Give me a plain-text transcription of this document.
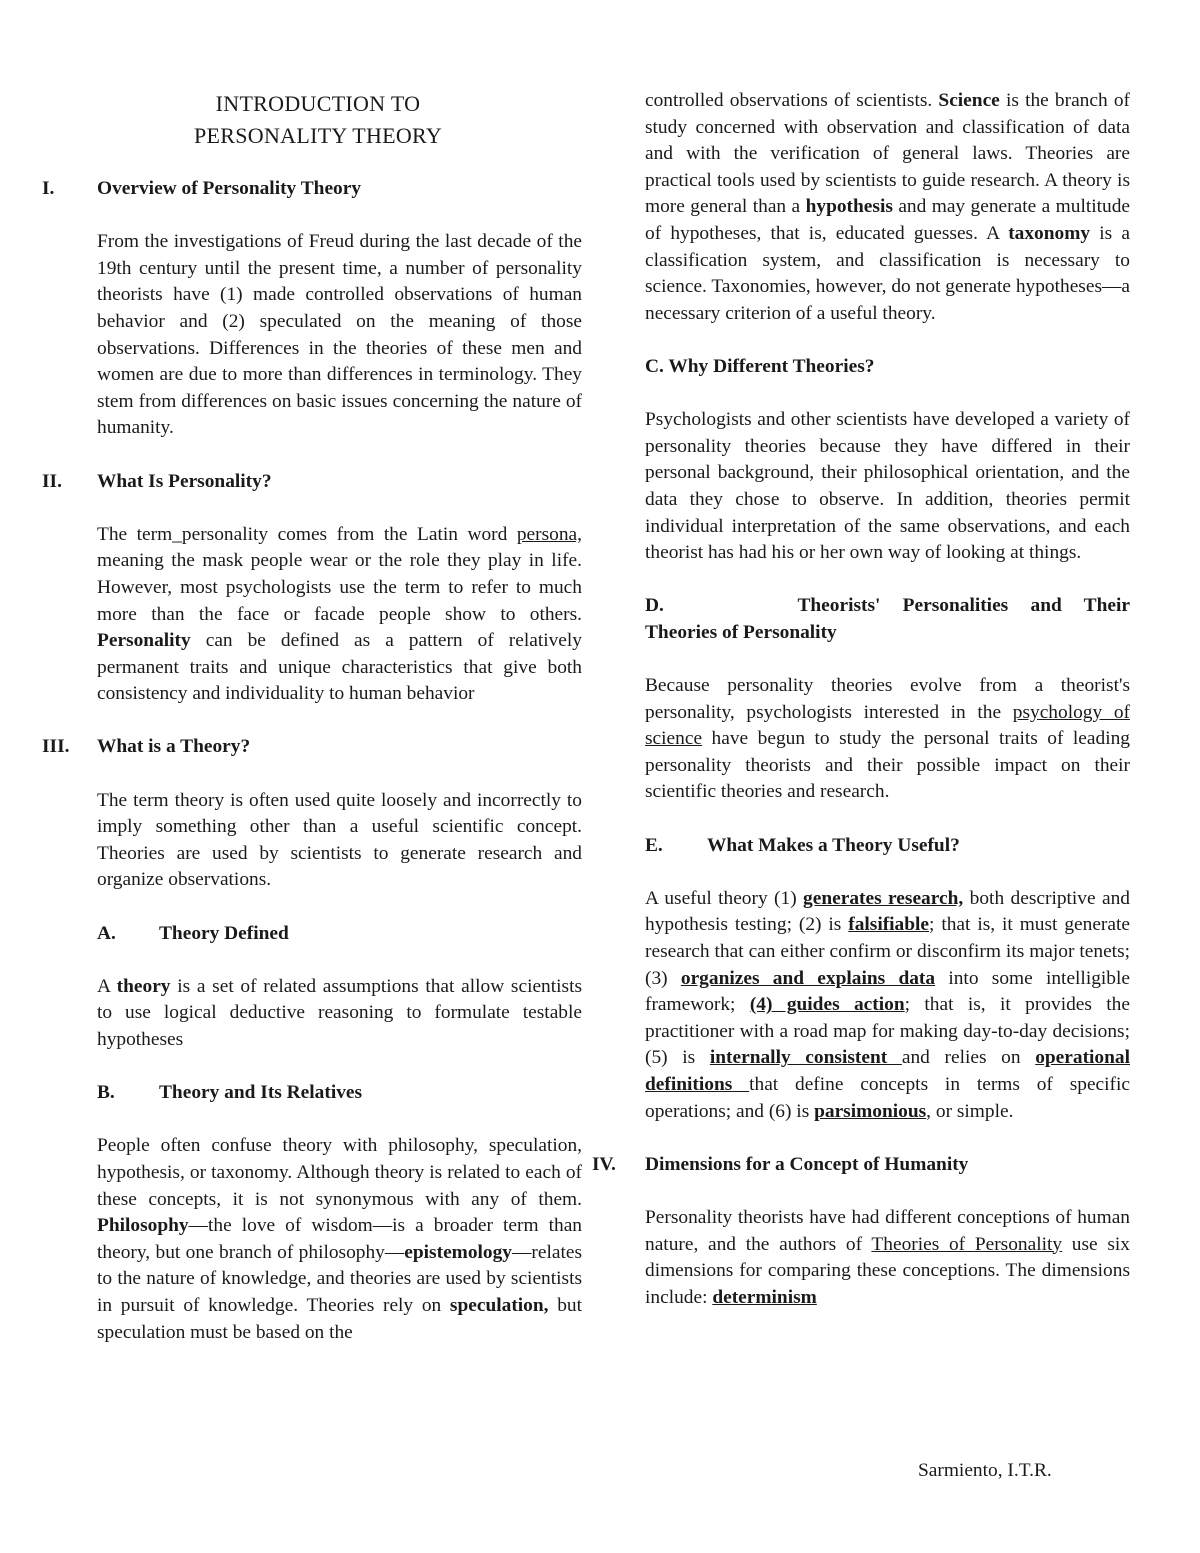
INTRODUCTION TO
PERSONALITY THEORY
I. Overview of Personality Theory

From the investigations of Freud during the last decade of the 19th century until the present time, a number of personality theorists have (1) made controlled observations of human behavior and (2) speculated on the meaning of those observations. Differences in the theories of these men and women are due to more than differences in terminology. They stem from differences on basic issues concerning the nature of humanity.

II. What Is Personality?

The term_personality comes from the Latin word persona, meaning the mask people wear or the role they play in life. However, most psychologists use the term to refer to much more than the face or facade people show to others. Personality can be defined as a pattern of relatively permanent traits and unique characteristics that give both consistency and individuality to human behavior

III. What is a Theory?

The term theory is often used quite loosely and incorrectly to imply something other than a useful scientific concept. Theories are used by scientists to generate research and organize observations.

A.	Theory Defined

A theory is a set of related assumptions that allow scientists to use logical deductive reasoning to formulate testable hypotheses

B.	Theory and Its Relatives

People often confuse theory with philosophy, speculation, hypothesis, or taxonomy. Although theory is related to each of these concepts, it is not synonymous with any of them. Philosophy—the love of wisdom—is a broader term than theory, but one branch of philosophy—epistemology—relates to the nature of knowledge, and theories are used by scientists in pursuit of knowledge. Theories rely on speculation, but speculation must be based on the

controlled observations of scientists. Science is the branch of study concerned with observation and classification of data and with the verification of general laws. Theories are practical tools used by scientists to guide research. A theory is more general than a hypothesis and may generate a multitude of hypotheses, that is, educated guesses. A taxonomy is a classification system, and classification is necessary to science. Taxonomies, however, do not generate hypotheses—a necessary criterion of a useful theory.

C. Why Different Theories?

Psychologists and other scientists have developed a variety of personality theories because they have differed in their personal background, their philosophical orientation, and the data they chose to observe. In addition, theories permit individual interpretation of the same observations, and each theorist has had his or her own way of looking at things.

D.      Theorists' Personalities and Their
Theories of Personality

Because personality theories evolve from a theorist's personality, psychologists interested in the psychology of science have begun to study the personal traits of leading personality theorists and their possible impact on their scientific theories and research.

E.	What Makes a Theory Useful?

A useful theory (1) generates research, both descriptive and hypothesis testing; (2) is falsifiable; that is, it must generate research that can either confirm or disconfirm its major tenets; (3) organizes and explains data into some intelligible framework; (4) guides action; that is, it provides the practitioner with a road map for making day-to-day decisions; (5) is internally consistent and relies on operational definitions that define concepts in terms of specific operations; and (6) is parsimonious, or simple.

IV. Dimensions for a Concept of Humanity

Personality theorists have had different conceptions of human nature, and the authors of Theories of Personality use six dimensions for comparing these conceptions. The dimensions include: determinism

Sarmiento, I.T.R.
